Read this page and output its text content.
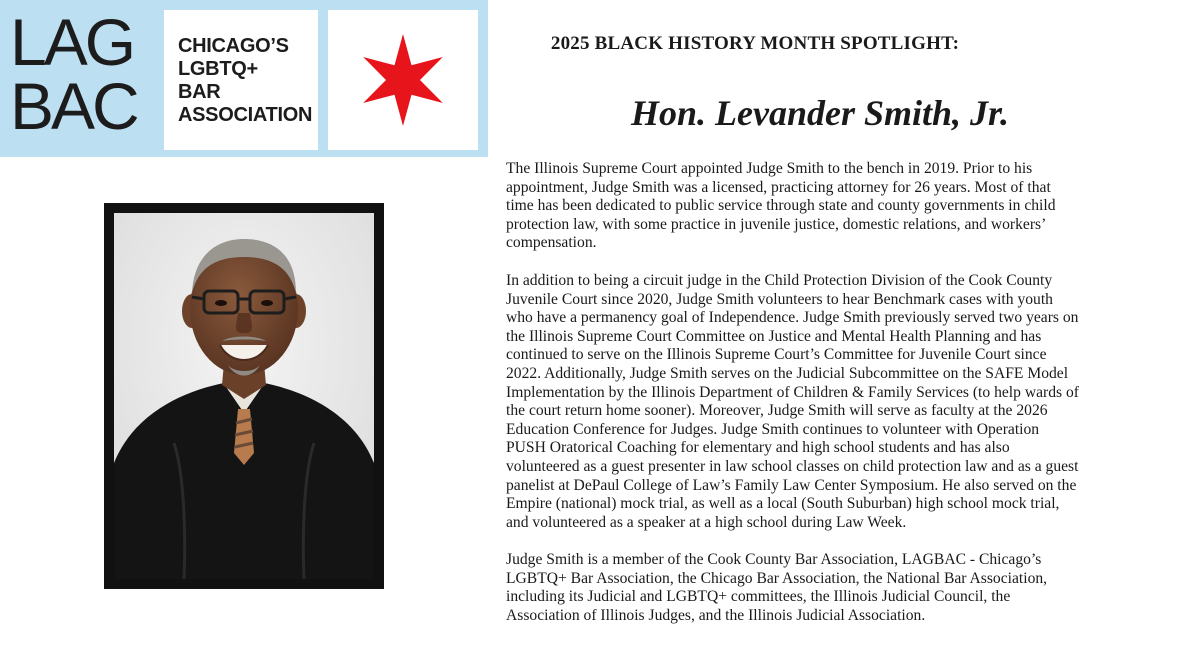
LAG
BAC
CHICAGO’S
LGBTQ+
BAR
ASSOCIATION
2025 BLACK HISTORY MONTH SPOTLIGHT:
Hon. Levander Smith, Jr.

The Illinois Supreme Court appointed Judge Smith to the bench in 2019. Prior to his
appointment, Judge Smith was a licensed, practicing attorney for 26 years. Most of that
time has been dedicated to public service through state and county governments in child
protection law, with some practice in juvenile justice, domestic relations, and workers’
compensation.

In addition to being a circuit judge in the Child Protection Division of the Cook County
Juvenile Court since 2020, Judge Smith volunteers to hear Benchmark cases with youth
who have a permanency goal of Independence. Judge Smith previously served two years on
the Illinois Supreme Court Committee on Justice and Mental Health Planning and has
continued to serve on the Illinois Supreme Court’s Committee for Juvenile Court since
2022. Additionally, Judge Smith serves on the Judicial Subcommittee on the SAFE Model
Implementation by the Illinois Department of Children & Family Services (to help wards of
the court return home sooner). Moreover, Judge Smith will serve as faculty at the 2026
Education Conference for Judges. Judge Smith continues to volunteer with Operation
PUSH Oratorical Coaching for elementary and high school students and has also
volunteered as a guest presenter in law school classes on child protection law and as a guest
panelist at DePaul College of Law’s Family Law Center Symposium. He also served on the
Empire (national) mock trial, as well as a local (South Suburban) high school mock trial,
and volunteered as a speaker at a high school during Law Week.

Judge Smith is a member of the Cook County Bar Association, LAGBAC - Chicago’s
LGBTQ+ Bar Association, the Chicago Bar Association, the National Bar Association,
including its Judicial and LGBTQ+ committees, the Illinois Judicial Council, the
Association of Illinois Judges, and the Illinois Judicial Association.
